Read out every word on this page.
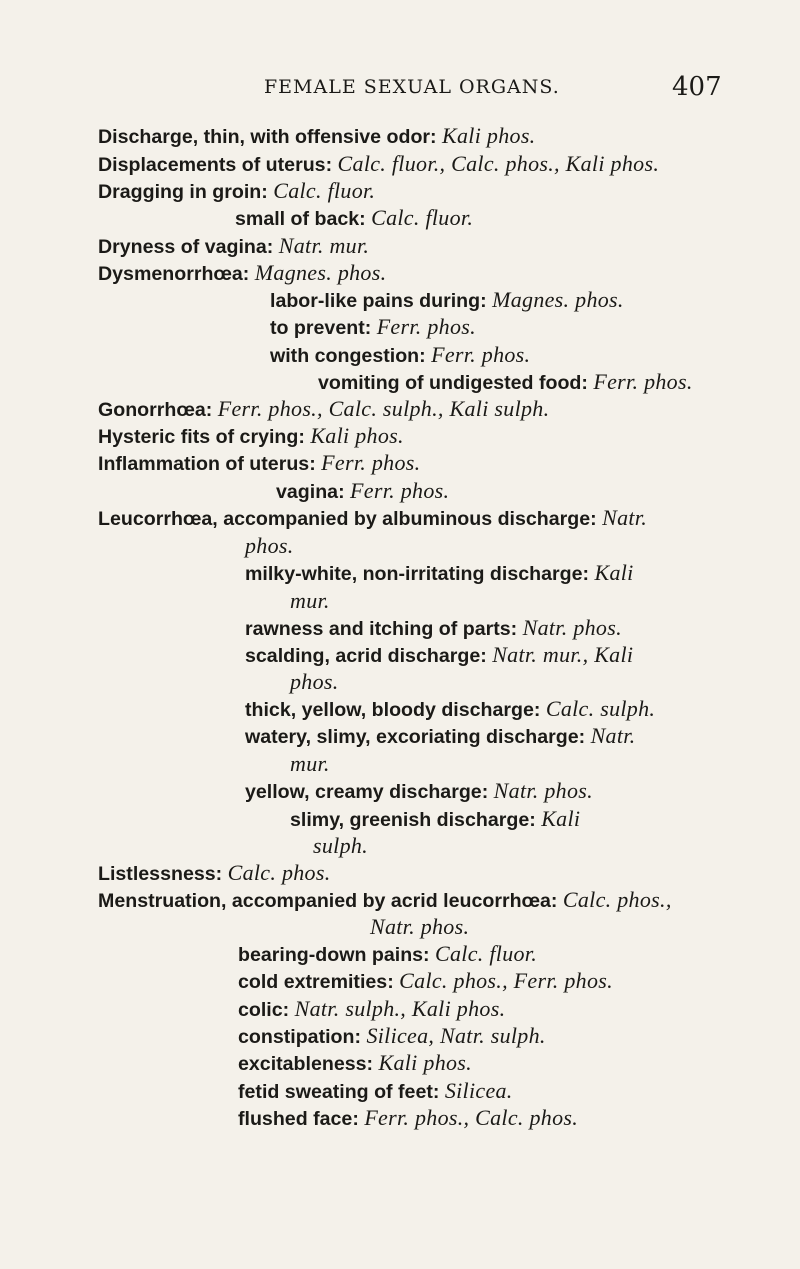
FEMALE SEXUAL ORGANS.	407
Discharge, thin, with offensive odor: Kali phos.
Displacements of uterus: Calc. fluor., Calc. phos., Kali phos.
Dragging in groin: Calc. fluor.
small of back: Calc. fluor.
Dryness of vagina: Natr. mur.
Dysmenorrhœa: Magnes. phos.
labor-like pains during: Magnes. phos.
to prevent: Ferr. phos.
with congestion: Ferr. phos.
vomiting of undigested food: Ferr. phos.
Gonorrhœa: Ferr. phos., Calc. sulph., Kali sulph.
Hysteric fits of crying: Kali phos.
Inflammation of uterus: Ferr. phos.
vagina: Ferr. phos.
Leucorrhœa, accompanied by albuminous discharge: Natr.
phos.
milky-white, non-irritating discharge: Kali
mur.
rawness and itching of parts: Natr. phos.
scalding, acrid discharge: Natr. mur., Kali
phos.
thick, yellow, bloody discharge: Calc. sulph.
watery, slimy, excoriating discharge: Natr.
mur.
yellow, creamy discharge: Natr. phos.
slimy, greenish discharge: Kali
sulph.
Listlessness: Calc. phos.
Menstruation, accompanied by acrid leucorrhœa: Calc. phos.,
Natr. phos.
bearing-down pains: Calc. fluor.
cold extremities: Calc. phos., Ferr. phos.
colic: Natr. sulph., Kali phos.
constipation: Silicea, Natr. sulph.
excitableness: Kali phos.
fetid sweating of feet: Silicea.
flushed face: Ferr. phos., Calc. phos.
